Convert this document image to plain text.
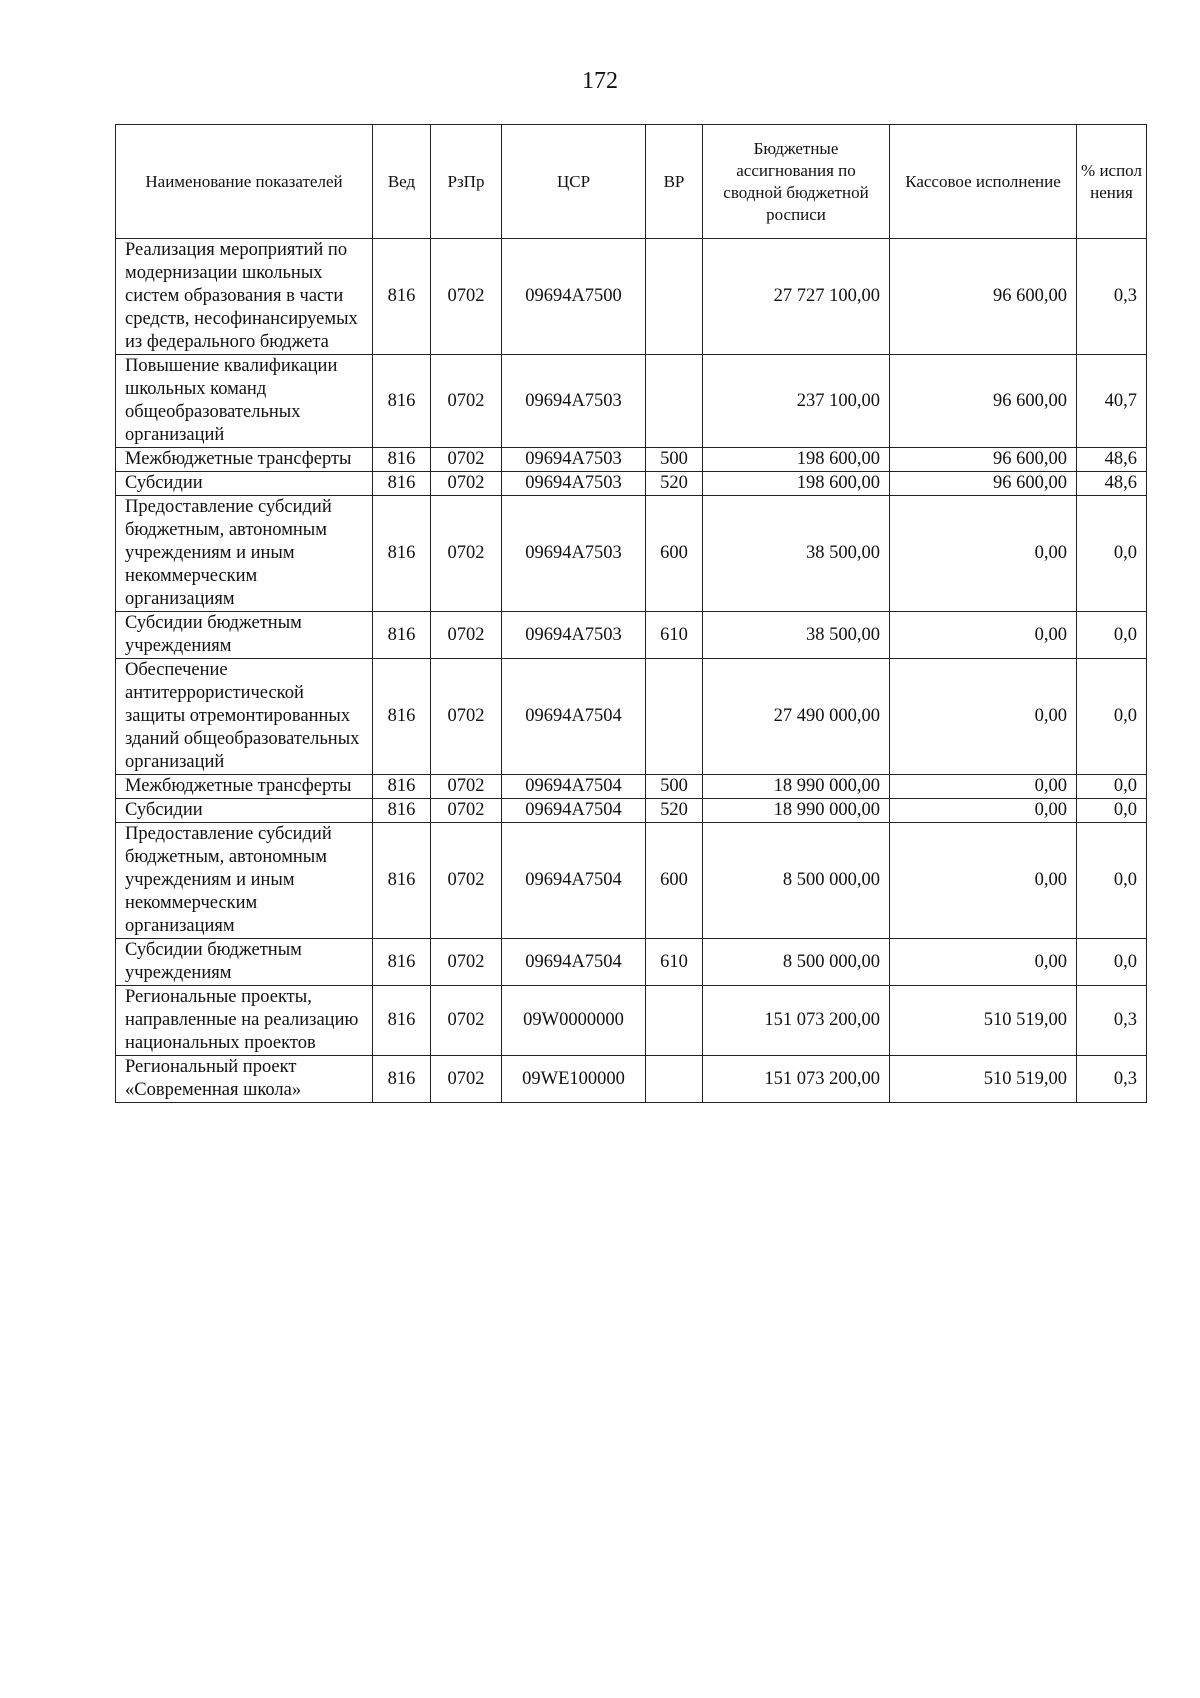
172
Наименование показателей	Вед	РзПр	ЦСР	ВР	Бюджетные ассигнования по сводной бюджетной росписи	Кассовое исполнение	% испол нения
Реализация мероприятий по модернизации школьных систем образования в части средств, несофинансируемых из федерального бюджета	816	0702	09694A7500		27 727 100,00	96 600,00	0,3
Повышение квалификации школьных команд общеобразовательных организаций	816	0702	09694A7503		237 100,00	96 600,00	40,7
Межбюджетные трансферты	816	0702	09694A7503	500	198 600,00	96 600,00	48,6
Субсидии	816	0702	09694A7503	520	198 600,00	96 600,00	48,6
Предоставление субсидий бюджетным, автономным учреждениям и иным некоммерческим организациям	816	0702	09694A7503	600	38 500,00	0,00	0,0
Субсидии бюджетным учреждениям	816	0702	09694A7503	610	38 500,00	0,00	0,0
Обеспечение антитеррористической защиты отремонтированных зданий общеобразовательных организаций	816	0702	09694A7504		27 490 000,00	0,00	0,0
Межбюджетные трансферты	816	0702	09694A7504	500	18 990 000,00	0,00	0,0
Субсидии	816	0702	09694A7504	520	18 990 000,00	0,00	0,0
Предоставление субсидий бюджетным, автономным учреждениям и иным некоммерческим организациям	816	0702	09694A7504	600	8 500 000,00	0,00	0,0
Субсидии бюджетным учреждениям	816	0702	09694A7504	610	8 500 000,00	0,00	0,0
Региональные проекты, направленные на реализацию национальных проектов	816	0702	09W0000000		151 073 200,00	510 519,00	0,3
Региональный проект «Современная школа»	816	0702	09WE100000		151 073 200,00	510 519,00	0,3
